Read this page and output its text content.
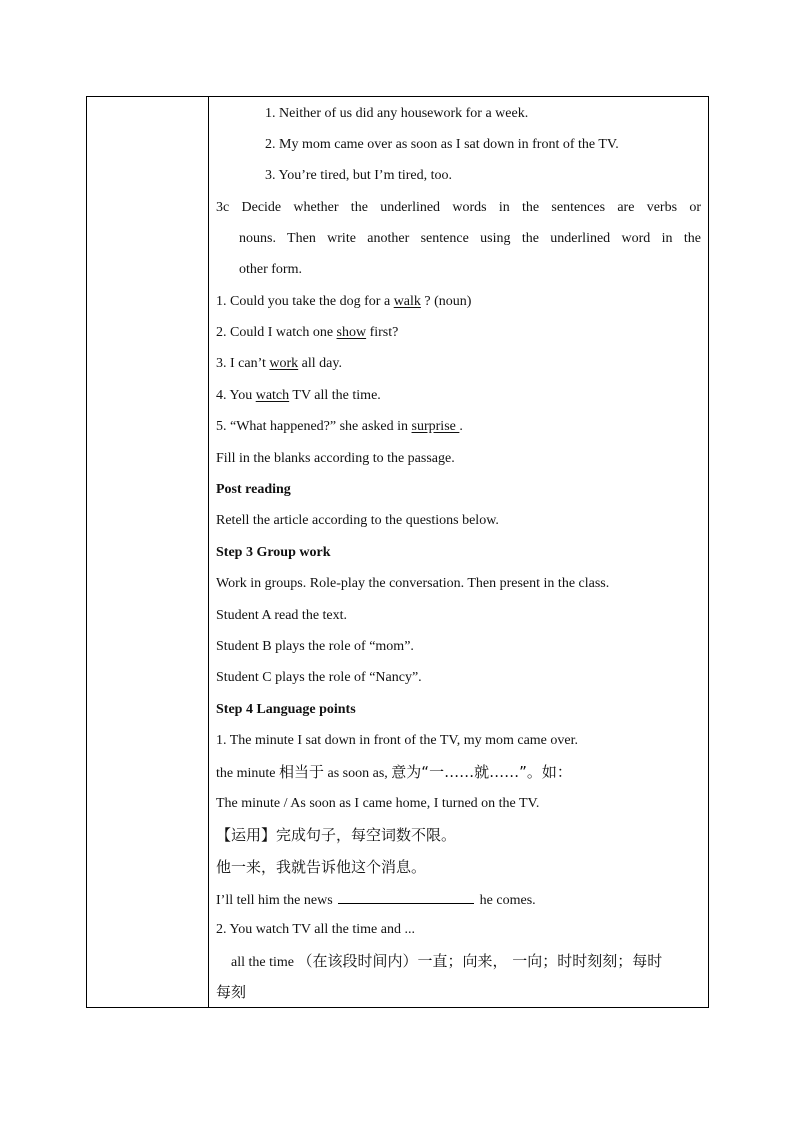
1. Neither of us did any housework for a week.
2. My mom came over as soon as I sat down in front of the TV.
3. You’re tired, but I’m tired, too.
3c Decide whether the underlined words in the sentences are verbs or
nouns. Then write another sentence using the underlined word in the
other form.
1. Could you take the dog for a walk ? (noun)
2. Could I watch one show first?
3. I can’t work all day.
4. You watch TV all the time.
5. “What happened?” she asked in surprise .
Fill in the blanks according to the passage.
Post reading
Retell the article according to the questions below.
Step 3 Group work
Work in groups. Role-play the conversation. Then present in the class.
Student A read the text.
Student B plays the role of “mom”.
Student C plays the role of “Nancy”.
Step 4 Language points
1. The minute I sat down in front of the TV, my mom came over.
the minute 相当于 as soon as, 意为“一……就……”。如：
The minute / As soon as I came home, I turned on the TV.
【运用】完成句子，每空词数不限。
他一来，我就告诉他这个消息。
I’ll tell him the news	he comes.
2. You watch TV all the time and ...
all the time （在该段时间内）一直；向来， 一向；时时刻刻；每时
每刻
